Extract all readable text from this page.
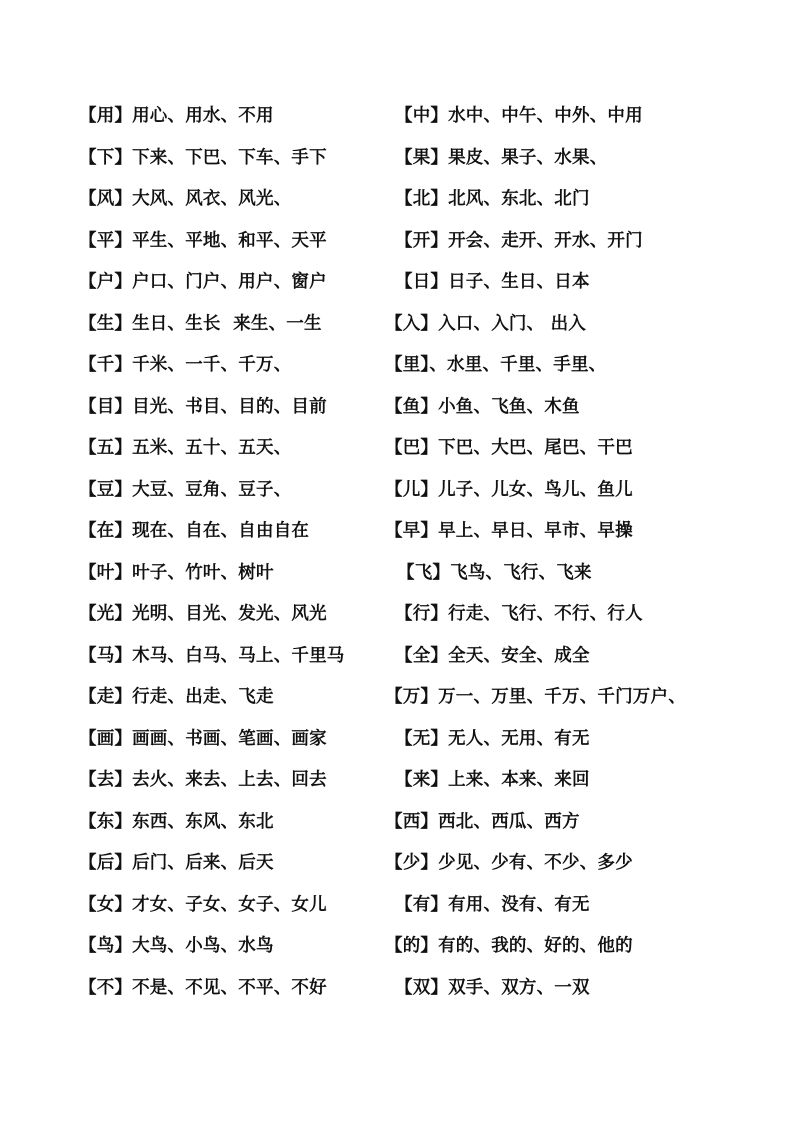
【用】用心、用水、不用	【中】水中、中午、中外、中用
【下】下来、下巴、下车、手下	【果】果皮、果子、水果、
【风】大风、风衣、风光、	【北】北风、东北、北门
【平】平生、平地、和平、天平	【开】开会、走开、开水、开门
【户】户口、门户、用户、窗户	【日】日子、生日、日本
【生】生日、生长  来生、一生	【入】入口、入门、 出入
【千】千米、一千、千万、	【里】、水里、千里、手里、
【目】目光、书目、目的、目前	【鱼】小鱼、飞鱼、木鱼
【五】五米、五十、五天、	【巴】下巴、大巴、尾巴、干巴
【豆】大豆、豆角、豆子、	【儿】儿子、儿女、鸟儿、鱼儿
【在】现在、自在、自由自在	【早】早上、早日、早市、早操
【叶】叶子、竹叶、树叶	【飞】飞鸟、飞行、飞来
【光】光明、目光、发光、风光	【行】行走、飞行、不行、行人
【马】木马、白马、马上、千里马	【全】全天、安全、成全
【走】行走、出走、飞走	【万】万一、万里、千万、千门万户、
【画】画画、书画、笔画、画家	【无】无人、无用、有无
【去】去火、来去、上去、回去	【来】上来、本来、来回
【东】东西、东风、东北	【西】西北、西瓜、西方
【后】后门、后来、后天	【少】少见、少有、不少、多少
【女】才女、子女、女子、女儿	【有】有用、没有、有无
【鸟】大鸟、小鸟、水鸟	【的】有的、我的、好的、他的
【不】不是、不见、不平、不好	【双】双手、双方、一双
